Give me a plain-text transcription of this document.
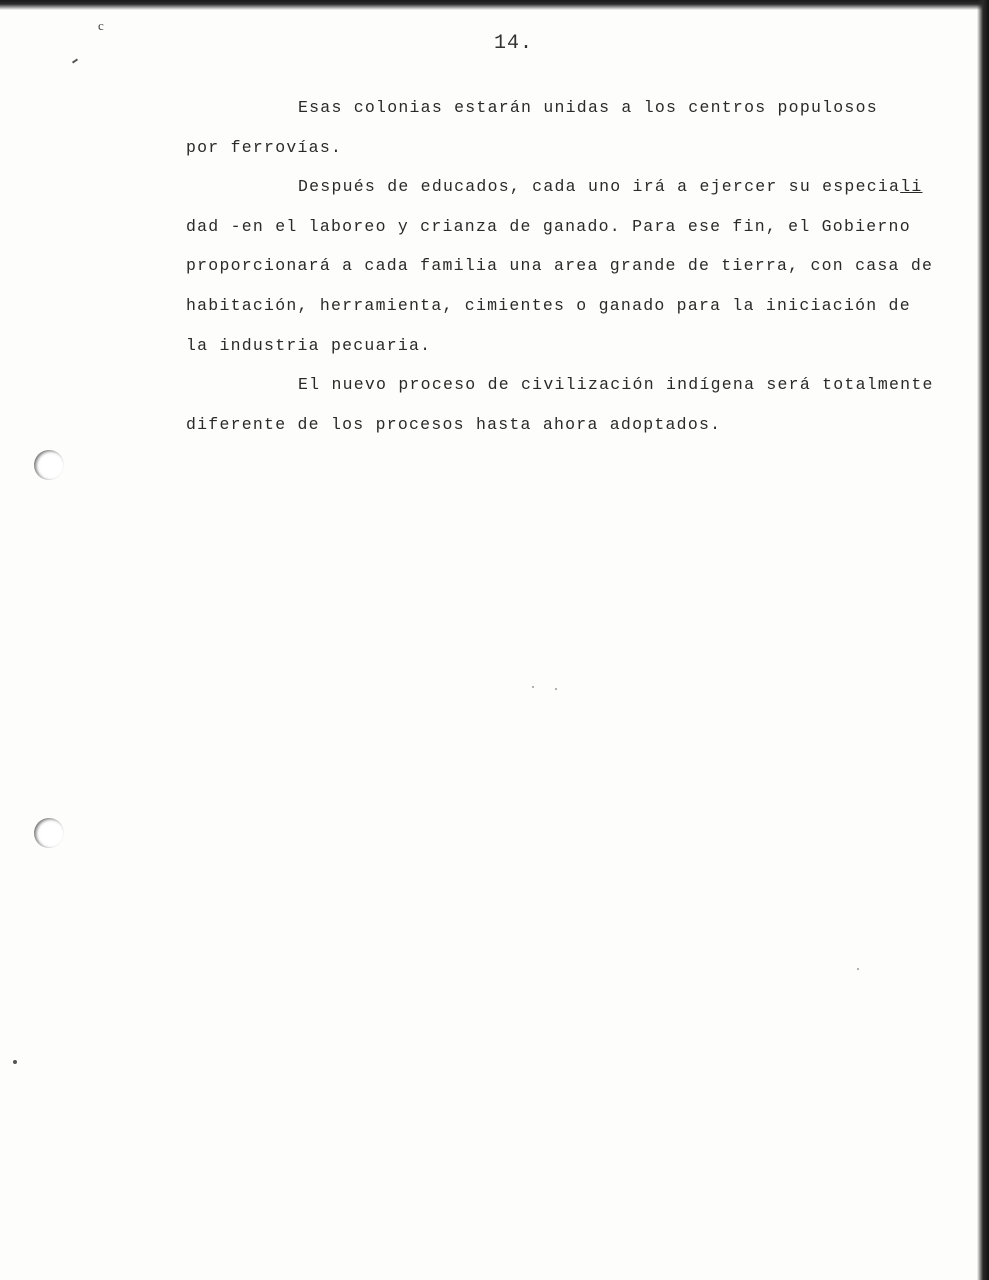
c
14.
Esas colonias estarán unidas a los centros populosos
por ferrovías.
Después de educados, cada uno irá a ejercer su especiali
dad -en el laboreo y crianza de ganado. Para ese fin, el Gobierno
proporcionará a cada familia una area grande de tierra, con casa de
habitación, herramienta, cimientes o ganado para la iniciación de
la industria pecuaria.
El nuevo proceso de civilización indígena será totalmente
diferente de los procesos hasta ahora adoptados.
